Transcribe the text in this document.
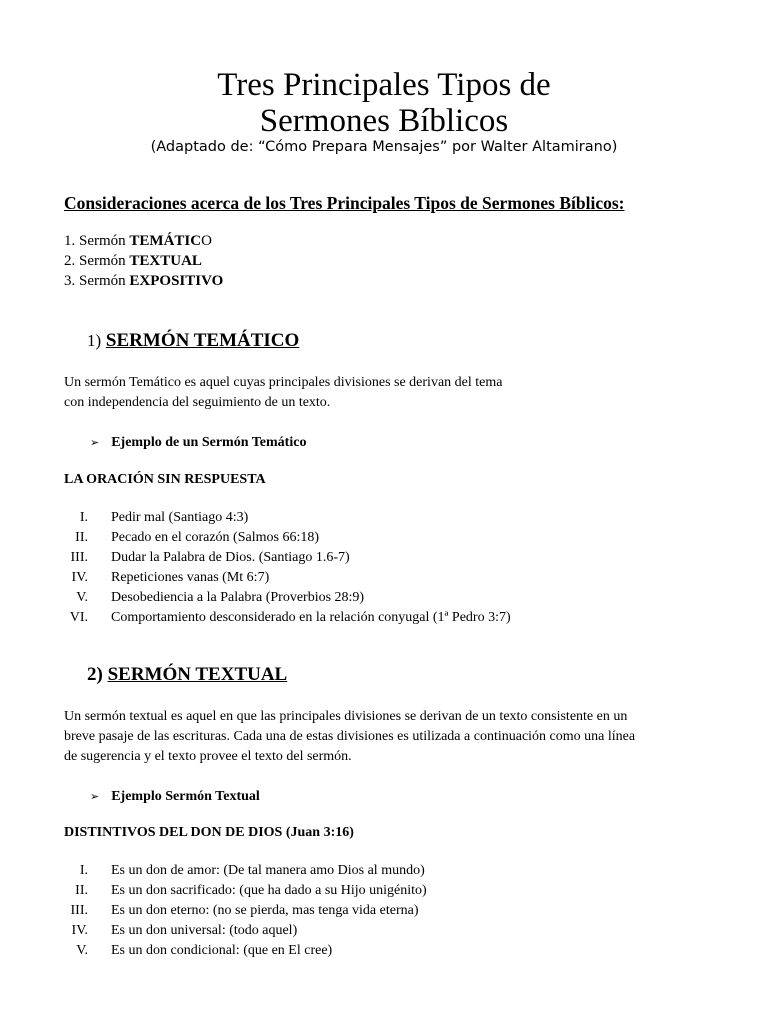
Tres Principales Tipos de
Sermones Bíblicos
(Adaptado de: “Cómo Prepara Mensajes” por Walter Altamirano)
Consideraciones acerca de los Tres Principales Tipos de Sermones Bíblicos:
1. Sermón TEMÁTICO
2. Sermón TEXTUAL
3. Sermón EXPOSITIVO
1) SERMÓN TEMÁTICO
Un sermón Temático es aquel cuyas principales divisiones se derivan del tema
con independencia del seguimiento de un texto.
➢ Ejemplo de un Sermón Temático
LA ORACIÓN SIN RESPUESTA
I. Pedir mal (Santiago 4:3)
II. Pecado en el corazón (Salmos 66:18)
III. Dudar la Palabra de Dios. (Santiago 1.6-7)
IV. Repeticiones vanas (Mt 6:7)
V. Desobediencia a la Palabra (Proverbios 28:9)
VI. Comportamiento desconsiderado en la relación conyugal (1ª Pedro 3:7)
2) SERMÓN TEXTUAL
Un sermón textual es aquel en que las principales divisiones se derivan de un texto consistente en un
breve pasaje de las escrituras. Cada una de estas divisiones es utilizada a continuación como una línea
de sugerencia y el texto provee el texto del sermón.
➢ Ejemplo Sermón Textual
DISTINTIVOS DEL DON DE DIOS (Juan 3:16)
I. Es un don de amor: (De tal manera amo Dios al mundo)
II. Es un don sacrificado: (que ha dado a su Hijo unigénito)
III. Es un don eterno: (no se pierda, mas tenga vida eterna)
IV. Es un don universal: (todo aquel)
V. Es un don condicional: (que en El cree)
